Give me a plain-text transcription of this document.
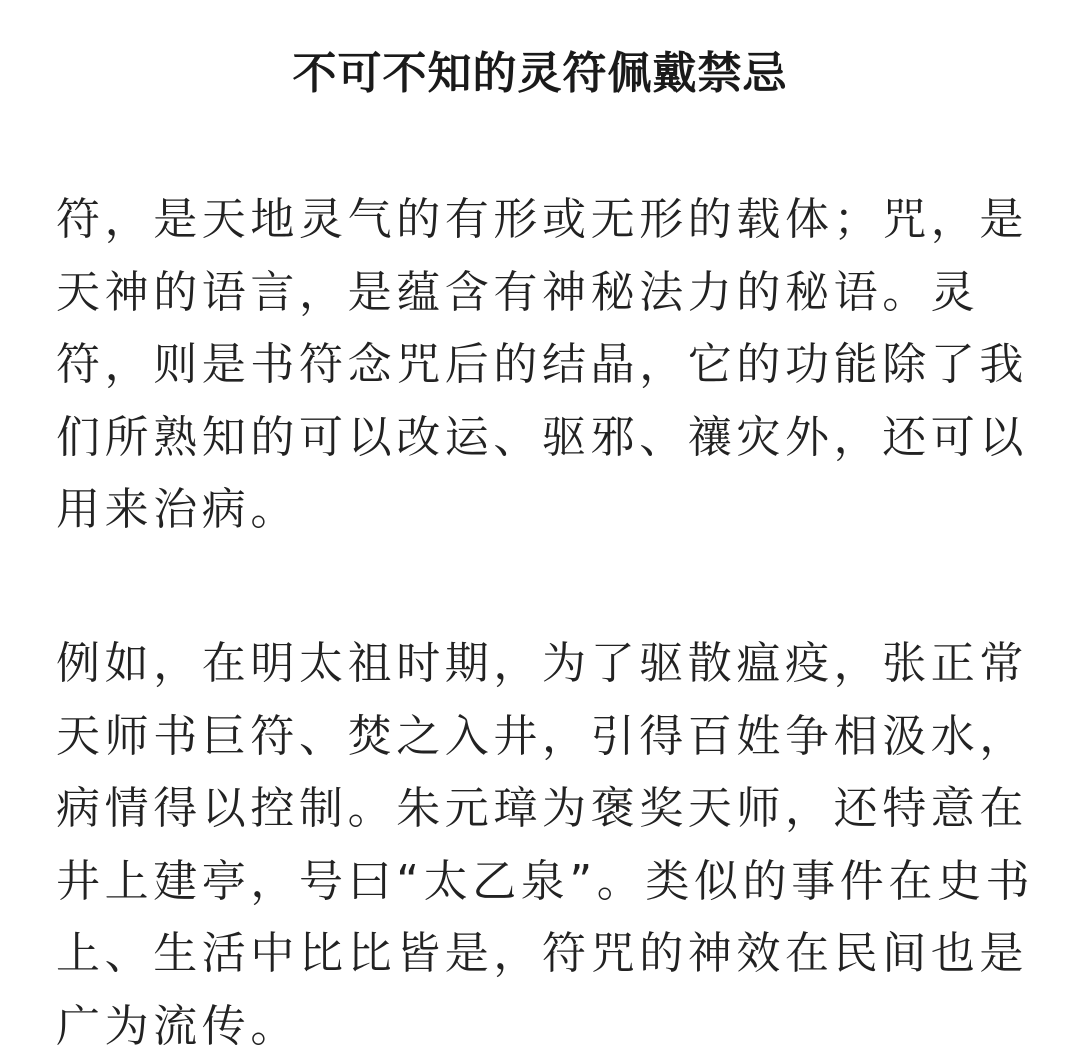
不可不知的灵符佩戴禁忌
符，是天地灵气的有形或无形的载体；咒，是
天神的语言，是蕴含有神秘法力的秘语。灵
符，则是书符念咒后的结晶，它的功能除了我
们所熟知的可以改运、驱邪、禳灾外，还可以
用来治病。
例如，在明太祖时期，为了驱散瘟疫，张正常
天师书巨符、焚之入井，引得百姓争相汲水，
病情得以控制。朱元璋为褒奖天师，还特意在
井上建亭，号曰“太乙泉”。类似的事件在史书
上、生活中比比皆是，符咒的神效在民间也是
广为流传。
